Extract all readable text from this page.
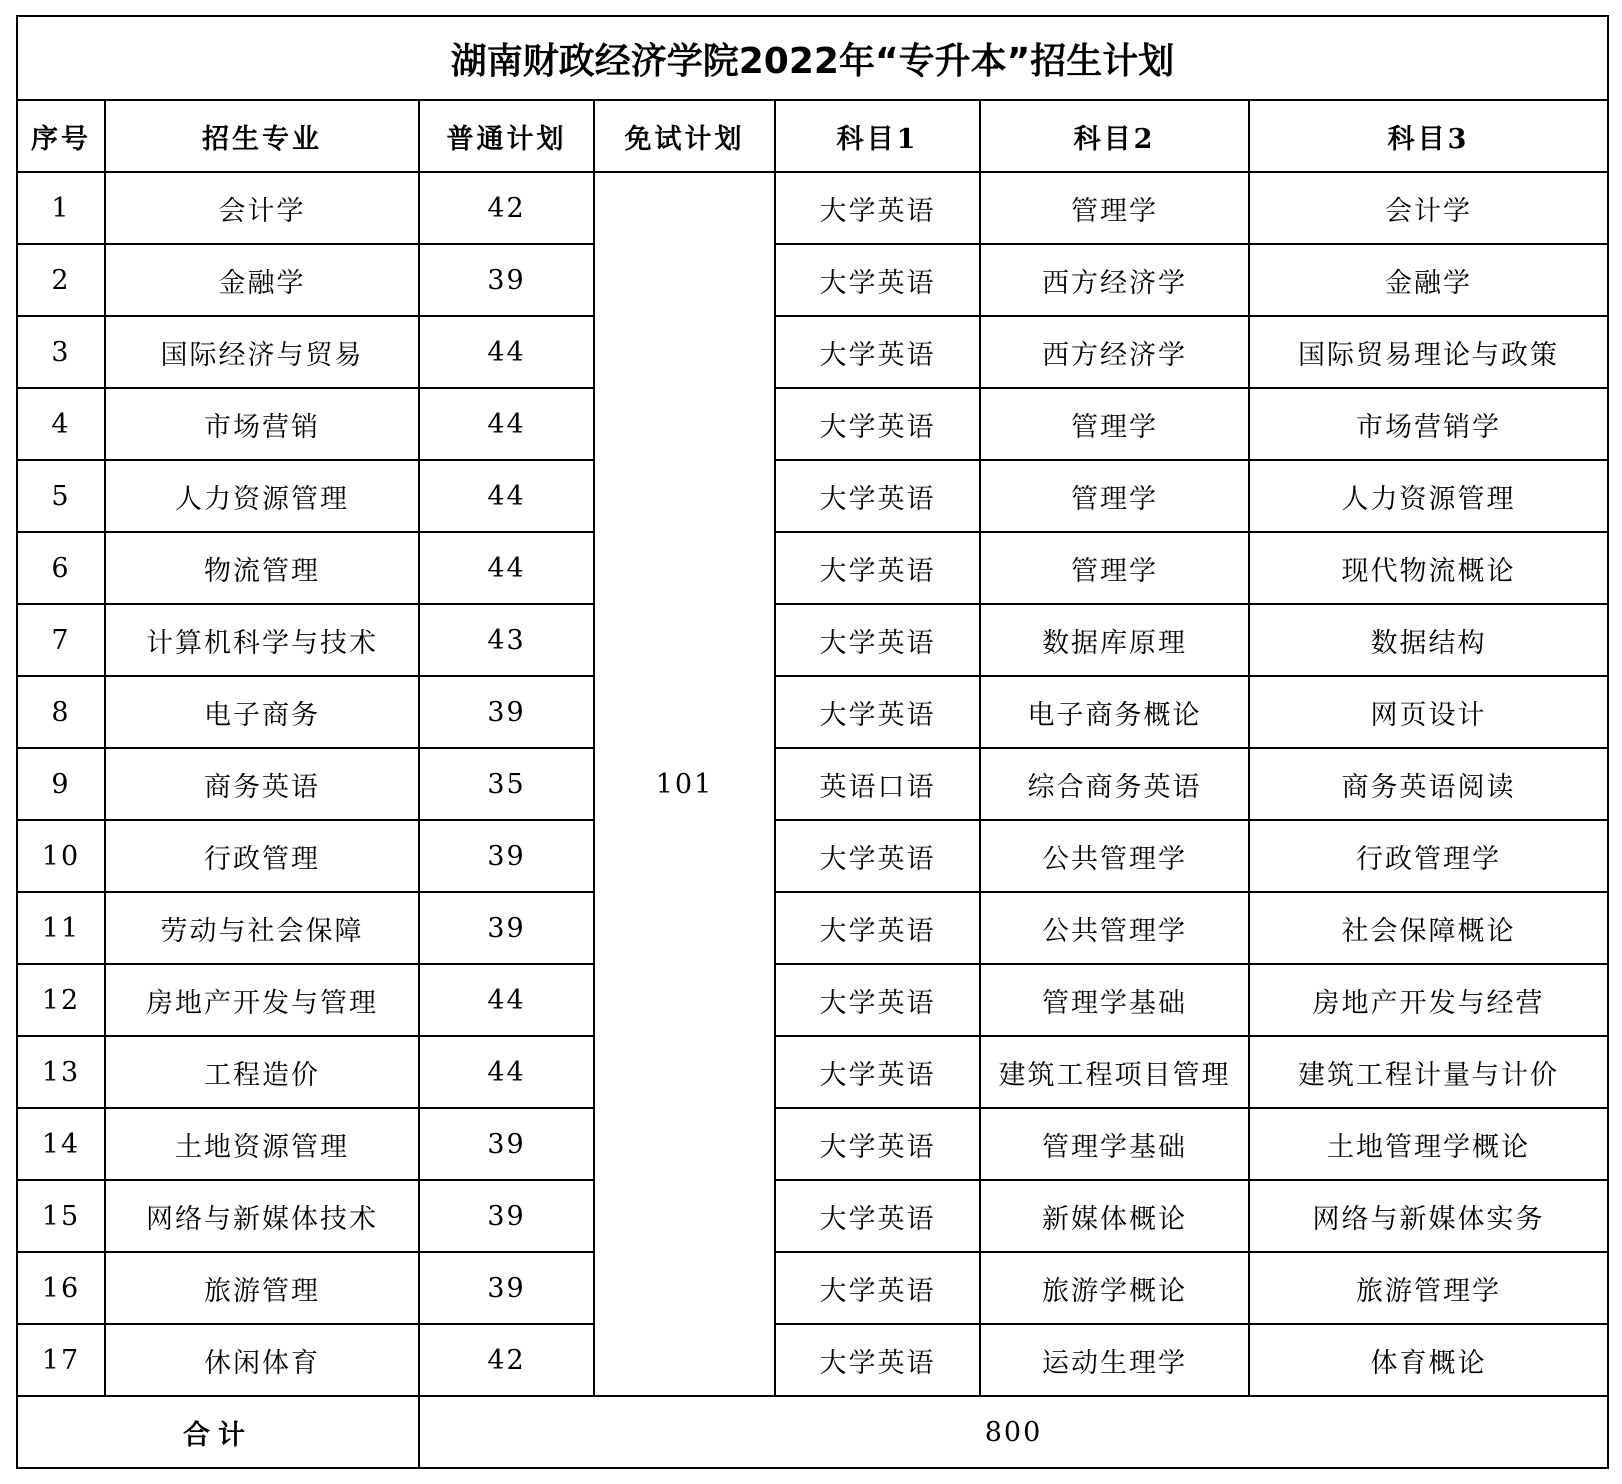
湖南财政经济学院2022年“专升本”招生计划						
序号	招生专业	普通计划	免试计划	科目1	科目2	科目3
1	会计学	42	101	大学英语	管理学	会计学
2	金融学	39		大学英语	西方经济学	金融学
3	国际经济与贸易	44		大学英语	西方经济学	国际贸易理论与政策
4	市场营销	44		大学英语	管理学	市场营销学
5	人力资源管理	44		大学英语	管理学	人力资源管理
6	物流管理	44		大学英语	管理学	现代物流概论
7	计算机科学与技术	43		大学英语	数据库原理	数据结构
8	电子商务	39		大学英语	电子商务概论	网页设计
9	商务英语	35		英语口语	综合商务英语	商务英语阅读
10	行政管理	39		大学英语	公共管理学	行政管理学
11	劳动与社会保障	39		大学英语	公共管理学	社会保障概论
12	房地产开发与管理	44		大学英语	管理学基础	房地产开发与经营
13	工程造价	44		大学英语	建筑工程项目管理	建筑工程计量与计价
14	土地资源管理	39		大学英语	管理学基础	土地管理学概论
15	网络与新媒体技术	39		大学英语	新媒体概论	网络与新媒体实务
16	旅游管理	39		大学英语	旅游学概论	旅游管理学
17	休闲体育	42		大学英语	运动生理学	体育概论
合计		800				
